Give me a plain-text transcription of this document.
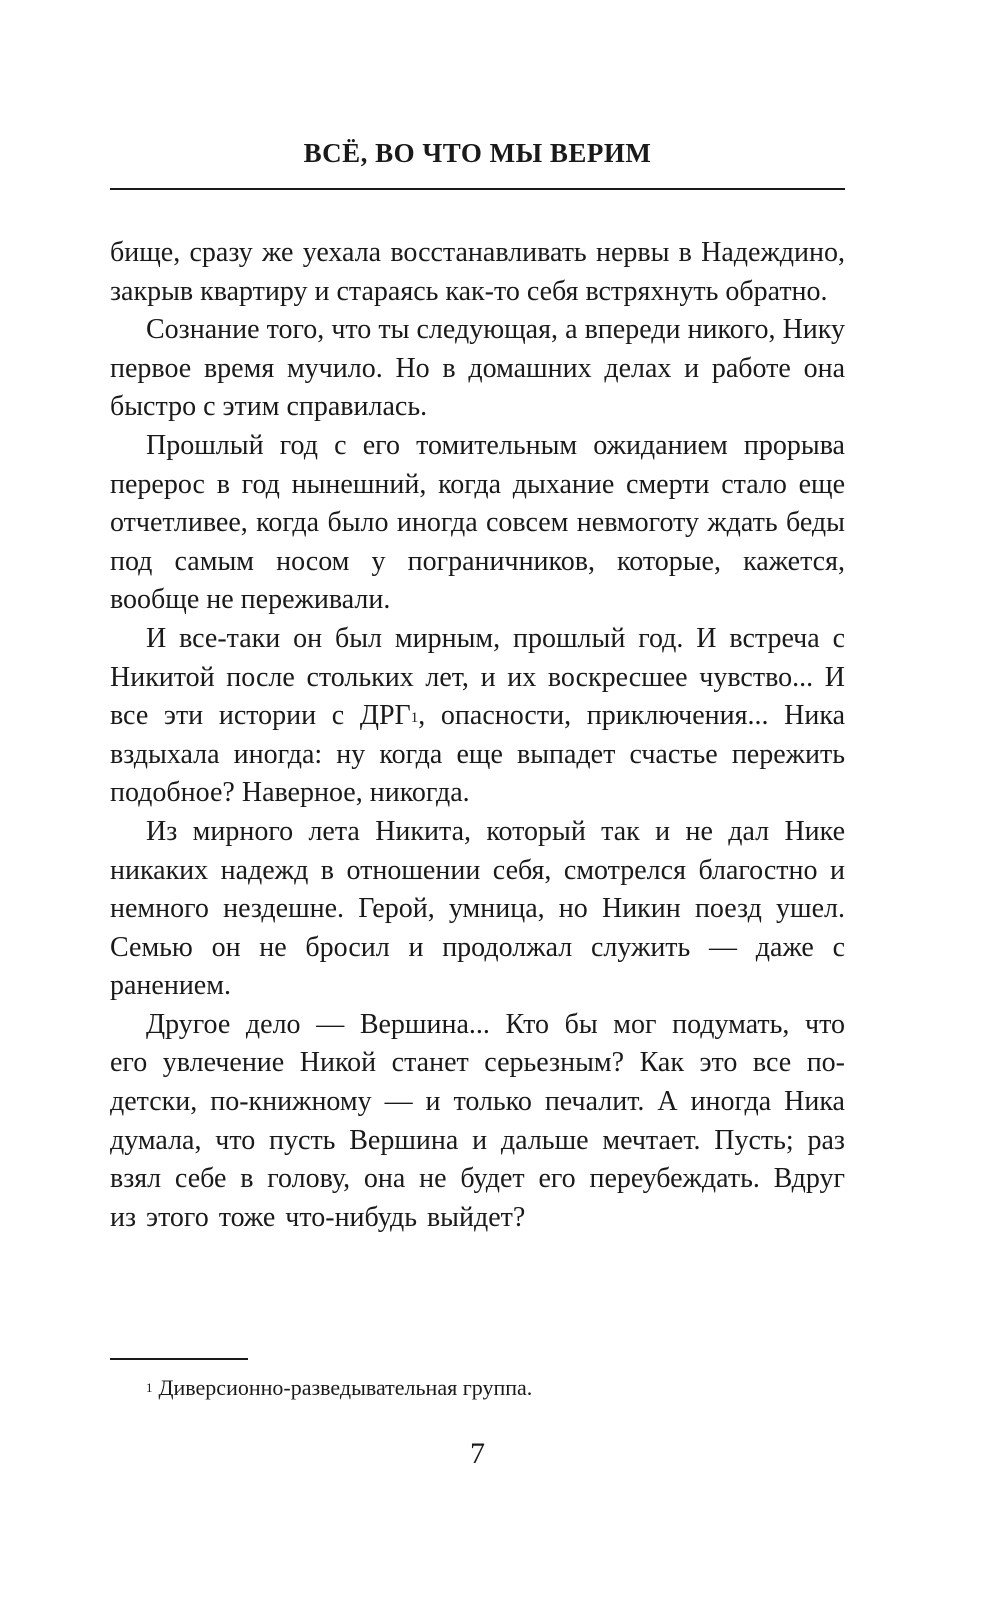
ВСЁ, ВО ЧТО МЫ ВЕРИМ

бище, сразу же уехала восстанавливать нервы в Надеждино, закрыв квартиру и стараясь как-то себя встряхнуть обратно.

Сознание того, что ты следующая, а впереди никого, Нику первое время мучило. Но в домашних делах и работе она быстро с этим справилась.

Прошлый год с его томительным ожиданием прорыва перерос в год нынешний, когда дыхание смерти стало еще отчетливее, когда было иногда совсем невмоготу ждать беды под самым носом у пограничников, которые, кажется, вообще не переживали.

И все-таки он был мирным, прошлый год. И встреча с Никитой после стольких лет, и их воскресшее чувство... И все эти истории с ДРГ$^1$, опасности, приключения... Ника вздыхала иногда: ну когда еще выпадет счастье пережить подобное? Наверное, никогда.

Из мирного лета Никита, который так и не дал Нике никаких надежд в отношении себя, смотрелся благостно и немного нездешне. Герой, умница, но Никин поезд ушел. Семью он не бросил и продолжал служить — даже с ранением.

Другое дело — Вершина... Кто бы мог подумать, что его увлечение Никой станет серьезным? Как это все по-детски, по-книжному — и только печалит. А иногда Ника думала, что пусть Вершина и дальше мечтает. Пусть; раз взял себе в голову, она не будет его переубеждать. Вдруг из этого тоже что-нибудь выйдет?

$^1$ Диверсионно-разведывательная группа.
7
